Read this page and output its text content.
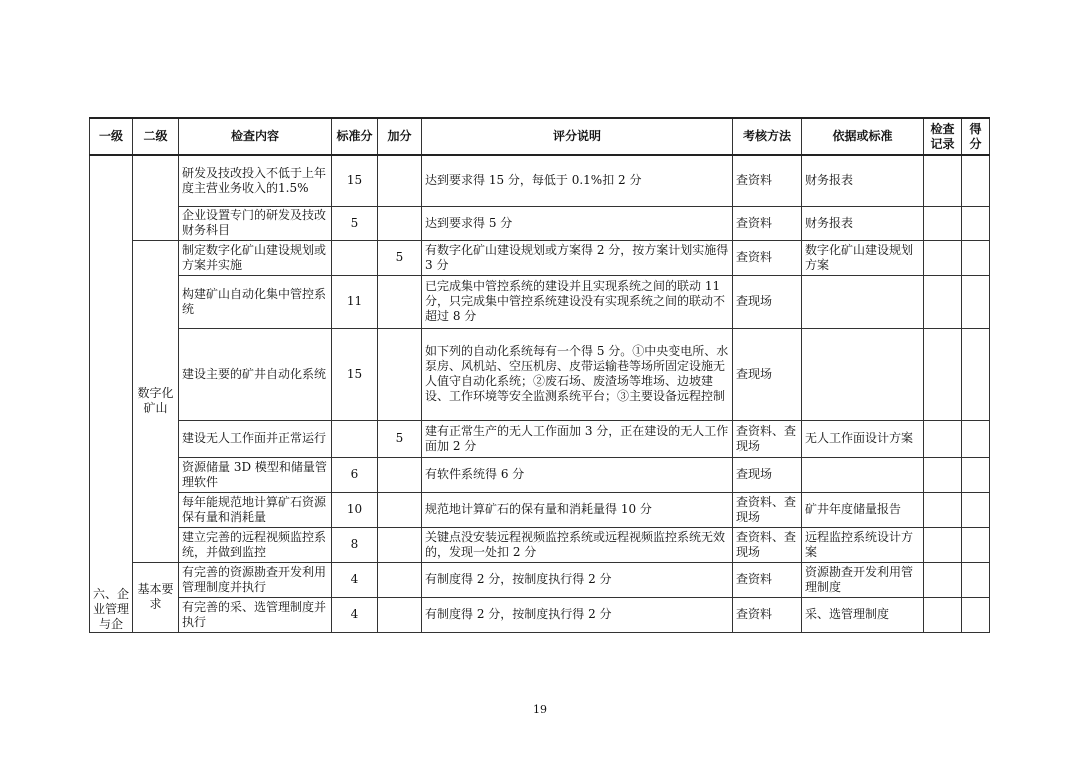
一级	二级	检查内容	标准分	加分	评分说明	考核方法	依据或标准	检查记录	得分

六、企业管理与企		研发及技改投入不低于上年度主营业务收入的1.5%	15		达到要求得 15 分，每低于 0.1%扣 2 分	查资料	财务报表		
		企业设置专门的研发及技改财务科目	5		达到要求得 5 分	查资料	财务报表		
	数字化矿山	制定数字化矿山建设规划或方案并实施		5	有数字化矿山建设规划或方案得 2 分，按方案计划实施得 3 分	查资料	数字化矿山建设规划方案		
		构建矿山自动化集中管控系统	11		已完成集中管控系统的建设并且实现系统之间的联动 11 分，只完成集中管控系统建设没有实现系统之间的联动不超过 8 分	查现场			
		建设主要的矿井自动化系统	15		如下列的自动化系统每有一个得 5 分。①中央变电所、水泵房、风机站、空压机房、皮带运输巷等场所固定设施无人值守自动化系统；②废石场、废渣场等堆场、边坡建设、工作环境等安全监测系统平台；③主要设备远程控制	查现场			
		建设无人工作面并正常运行		5	建有正常生产的无人工作面加 3 分，正在建设的无人工作面加 2 分	查资料、查现场	无人工作面设计方案		
		资源储量 3D 模型和储量管理软件	6		有软件系统得 6 分	查现场			
		每年能规范地计算矿石资源保有量和消耗量	10		规范地计算矿石的保有量和消耗量得 10 分	查资料、查现场	矿井年度储量报告		
		建立完善的远程视频监控系统，并做到监控	8		关键点没安装远程视频监控系统或远程视频监控系统无效的，发现一处扣 2 分	查资料、查现场	远程监控系统设计方案		
	基本要求	有完善的资源勘查开发利用管理制度并执行	4		有制度得 2 分，按制度执行得 2 分	查资料	资源勘查开发利用管理制度		
		有完善的采、选管理制度并执行	4		有制度得 2 分，按制度执行得 2 分	查资料	采、选管理制度		
19
